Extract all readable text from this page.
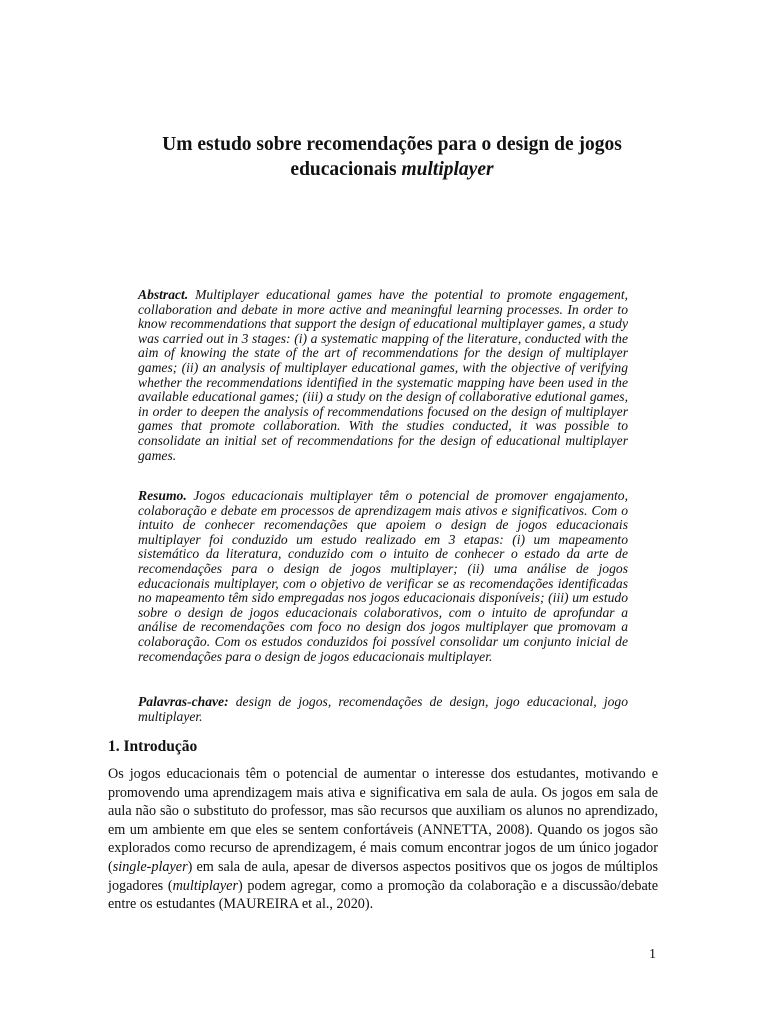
Um estudo sobre recomendações para o design de jogos
educacionais multiplayer
Abstract. Multiplayer educational games have the potential to promote engagement, collaboration and debate in more active and meaningful learning processes. In order to know recommendations that support the design of educational multiplayer games, a study was carried out in 3 stages: (i) a systematic mapping of the literature, conducted with the aim of knowing the state of the art of recommendations for the design of multiplayer games; (ii) an analysis of multiplayer educational games, with the objective of verifying whether the recommendations identified in the systematic mapping have been used in the available educational games; (iii) a study on the design of collaborative edutional games, in order to deepen the analysis of recommendations focused on the design of multiplayer games that promote collaboration. With the studies conducted, it was possible to consolidate an initial set of recommendations for the design of educational multiplayer games.
Resumo. Jogos educacionais multiplayer têm o potencial de promover engajamento, colaboração e debate em processos de aprendizagem mais ativos e significativos. Com o intuito de conhecer recomendações que apoiem o design de jogos educacionais multiplayer foi conduzido um estudo realizado em 3 etapas: (i) um mapeamento sistemático da literatura, conduzido com o intuito de conhecer o estado da arte de recomendações para o design de jogos multiplayer; (ii) uma análise de jogos educacionais multiplayer, com o objetivo de verificar se as recomendações identificadas no mapeamento têm sido empregadas nos jogos educacionais disponíveis; (iii) um estudo sobre o design de jogos educacionais colaborativos, com o intuito de aprofundar a análise de recomendações com foco no design dos jogos multiplayer que promovam a colaboração. Com os estudos conduzidos foi possível consolidar um conjunto inicial de recomendações para o design de jogos educacionais multiplayer.
Palavras-chave: design de jogos, recomendações de design, jogo educacional, jogo multiplayer.
1. Introdução
Os jogos educacionais têm o potencial de aumentar o interesse dos estudantes, motivando e promovendo uma aprendizagem mais ativa e significativa em sala de aula. Os jogos em sala de aula não são o substituto do professor, mas são recursos que auxiliam os alunos no aprendizado, em um ambiente em que eles se sentem confortáveis (ANNETTA, 2008). Quando os jogos são explorados como recurso de aprendizagem, é mais comum encontrar jogos de um único jogador (single-player) em sala de aula, apesar de diversos aspectos positivos que os jogos de múltiplos jogadores (multiplayer) podem agregar, como a promoção da colaboração e a discussão/debate entre os estudantes (MAUREIRA et al., 2020).
1
